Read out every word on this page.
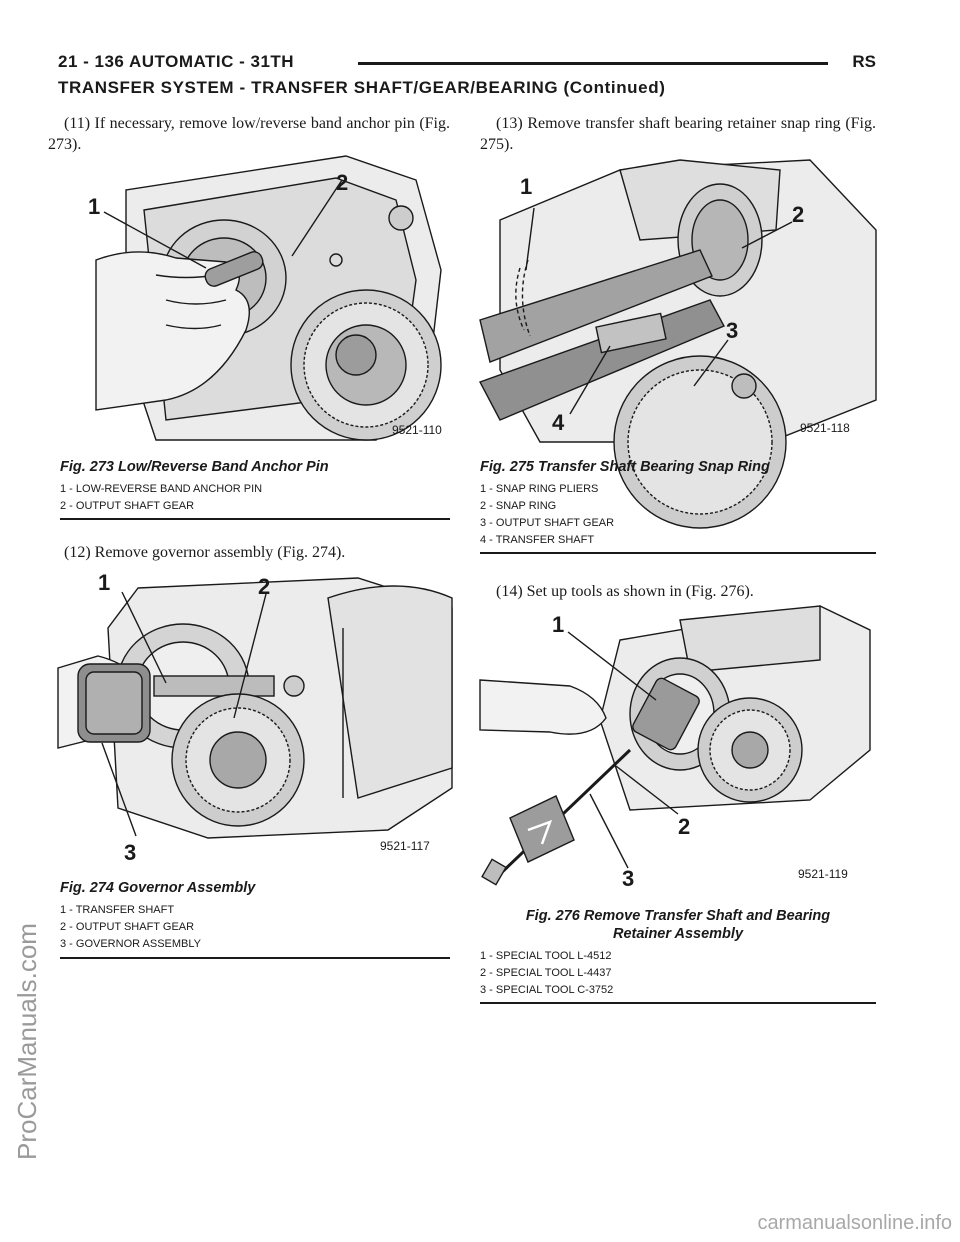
21 - 136 AUTOMATIC - 31TH	RS
TRANSFER SYSTEM - TRANSFER SHAFT/GEAR/BEARING (Continued)

(11) If necessary, remove low/reverse band anchor pin (Fig. 273).

1
2
9521-110
Fig. 273 Low/Reverse Band Anchor Pin
1 - LOW-REVERSE BAND ANCHOR PIN
2 - OUTPUT SHAFT GEAR

(12) Remove governor assembly (Fig. 274).

1	2
3	9521-117
Fig. 274 Governor Assembly
1 - TRANSFER SHAFT
2 - OUTPUT SHAFT GEAR
3 - GOVERNOR ASSEMBLY

(13) Remove transfer shaft bearing retainer snap ring (Fig. 275).

1
2
3
4	9521-118
Fig. 275 Transfer Shaft Bearing Snap Ring
1 - SNAP RING PLIERS
2 - SNAP RING
3 - OUTPUT SHAFT GEAR
4 - TRANSFER SHAFT

(14) Set up tools as shown in (Fig. 276).

1
2
3	9521-119
Fig. 276 Remove Transfer Shaft and Bearing
Retainer Assembly
1 - SPECIAL TOOL L-4512
2 - SPECIAL TOOL L-4437
3 - SPECIAL TOOL C-3752
ProCarManuals.com
carmanualsonline.info
